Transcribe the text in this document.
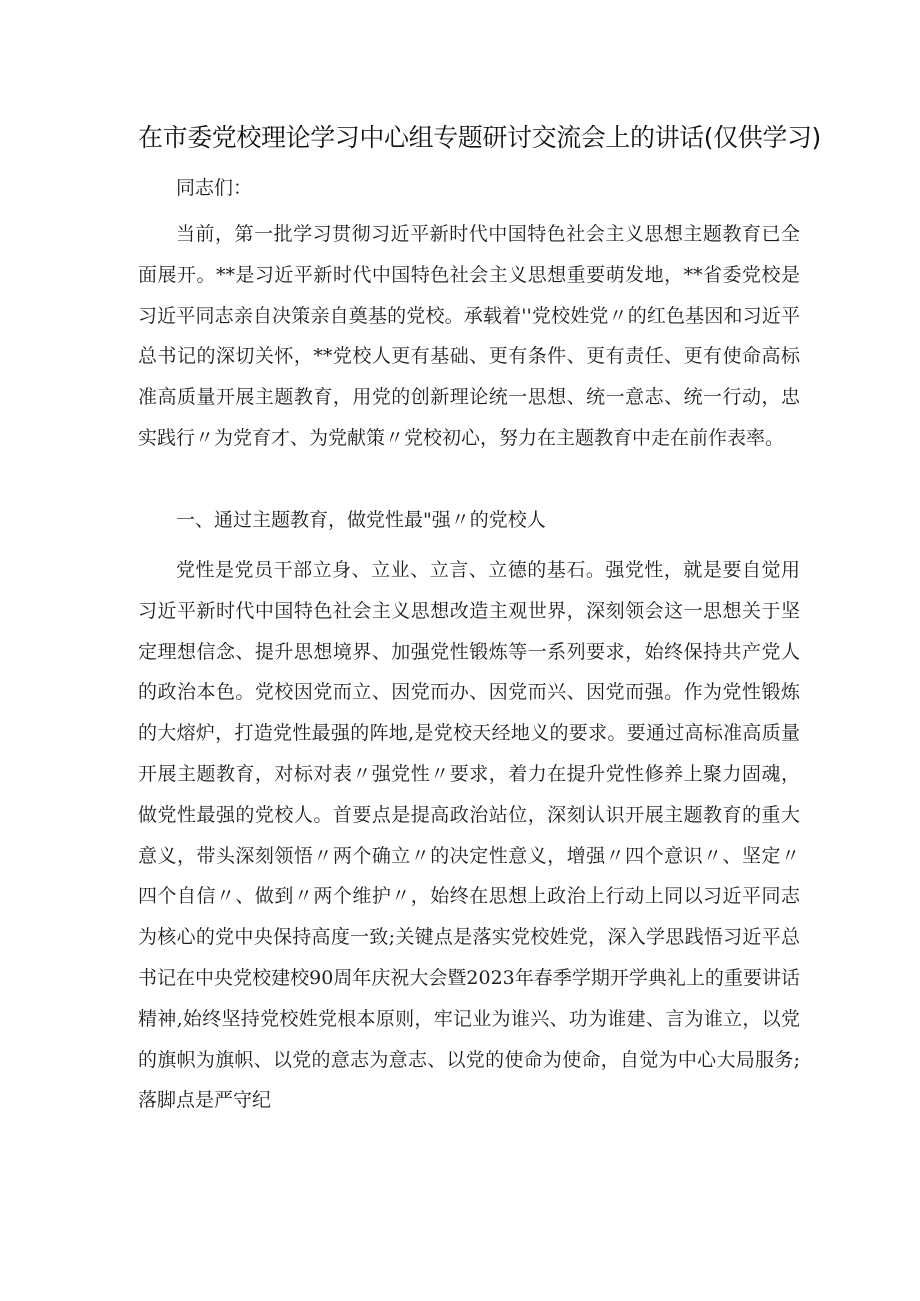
在市委党校理论学习中心组专题研讨交流会上的讲话(仅供学习)

同志们：

当前，第一批学习贯彻习近平新时代中国特色社会主义思想主题教育已全面展开。**是习近平新时代中国特色社会主义思想重要萌发地，**省委党校是习近平同志亲自决策亲自奠基的党校。承载着''党校姓党〃的红色基因和习近平总书记的深切关怀，**党校人更有基础、更有条件、更有责任、更有使命高标准高质量开展主题教育，用党的创新理论统一思想、统一意志、统一行动，忠实践行〃为党育才、为党献策〃党校初心，努力在主题教育中走在前作表率。

一、通过主题教育，做党性最"强〃的党校人

党性是党员干部立身、立业、立言、立德的基石。强党性，就是要自觉用习近平新时代中国特色社会主义思想改造主观世界，深刻领会这一思想关于坚定理想信念、提升思想境界、加强党性锻炼等一系列要求，始终保持共产党人的政治本色。党校因党而立、因党而办、因党而兴、因党而强。作为党性锻炼的大熔炉，打造党性最强的阵地,是党校天经地义的要求。要通过高标准高质量开展主题教育，对标对表〃强党性〃要求，着力在提升党性修养上聚力固魂，做党性最强的党校人。首要点是提高政治站位，深刻认识开展主题教育的重大意义，带头深刻领悟〃两个确立〃的决定性意义，增强〃四个意识〃、坚定〃四个自信〃、做到〃两个维护〃，始终在思想上政治上行动上同以习近平同志为核心的党中央保持高度一致;关键点是落实党校姓党，深入学思践悟习近平总书记在中央党校建校90周年庆祝大会暨2023年春季学期开学典礼上的重要讲话精神,始终坚持党校姓党根本原则，牢记业为谁兴、功为谁建、言为谁立，以党的旗帜为旗帜、以党的意志为意志、以党的使命为使命，自觉为中心大局服务;落脚点是严守纪
